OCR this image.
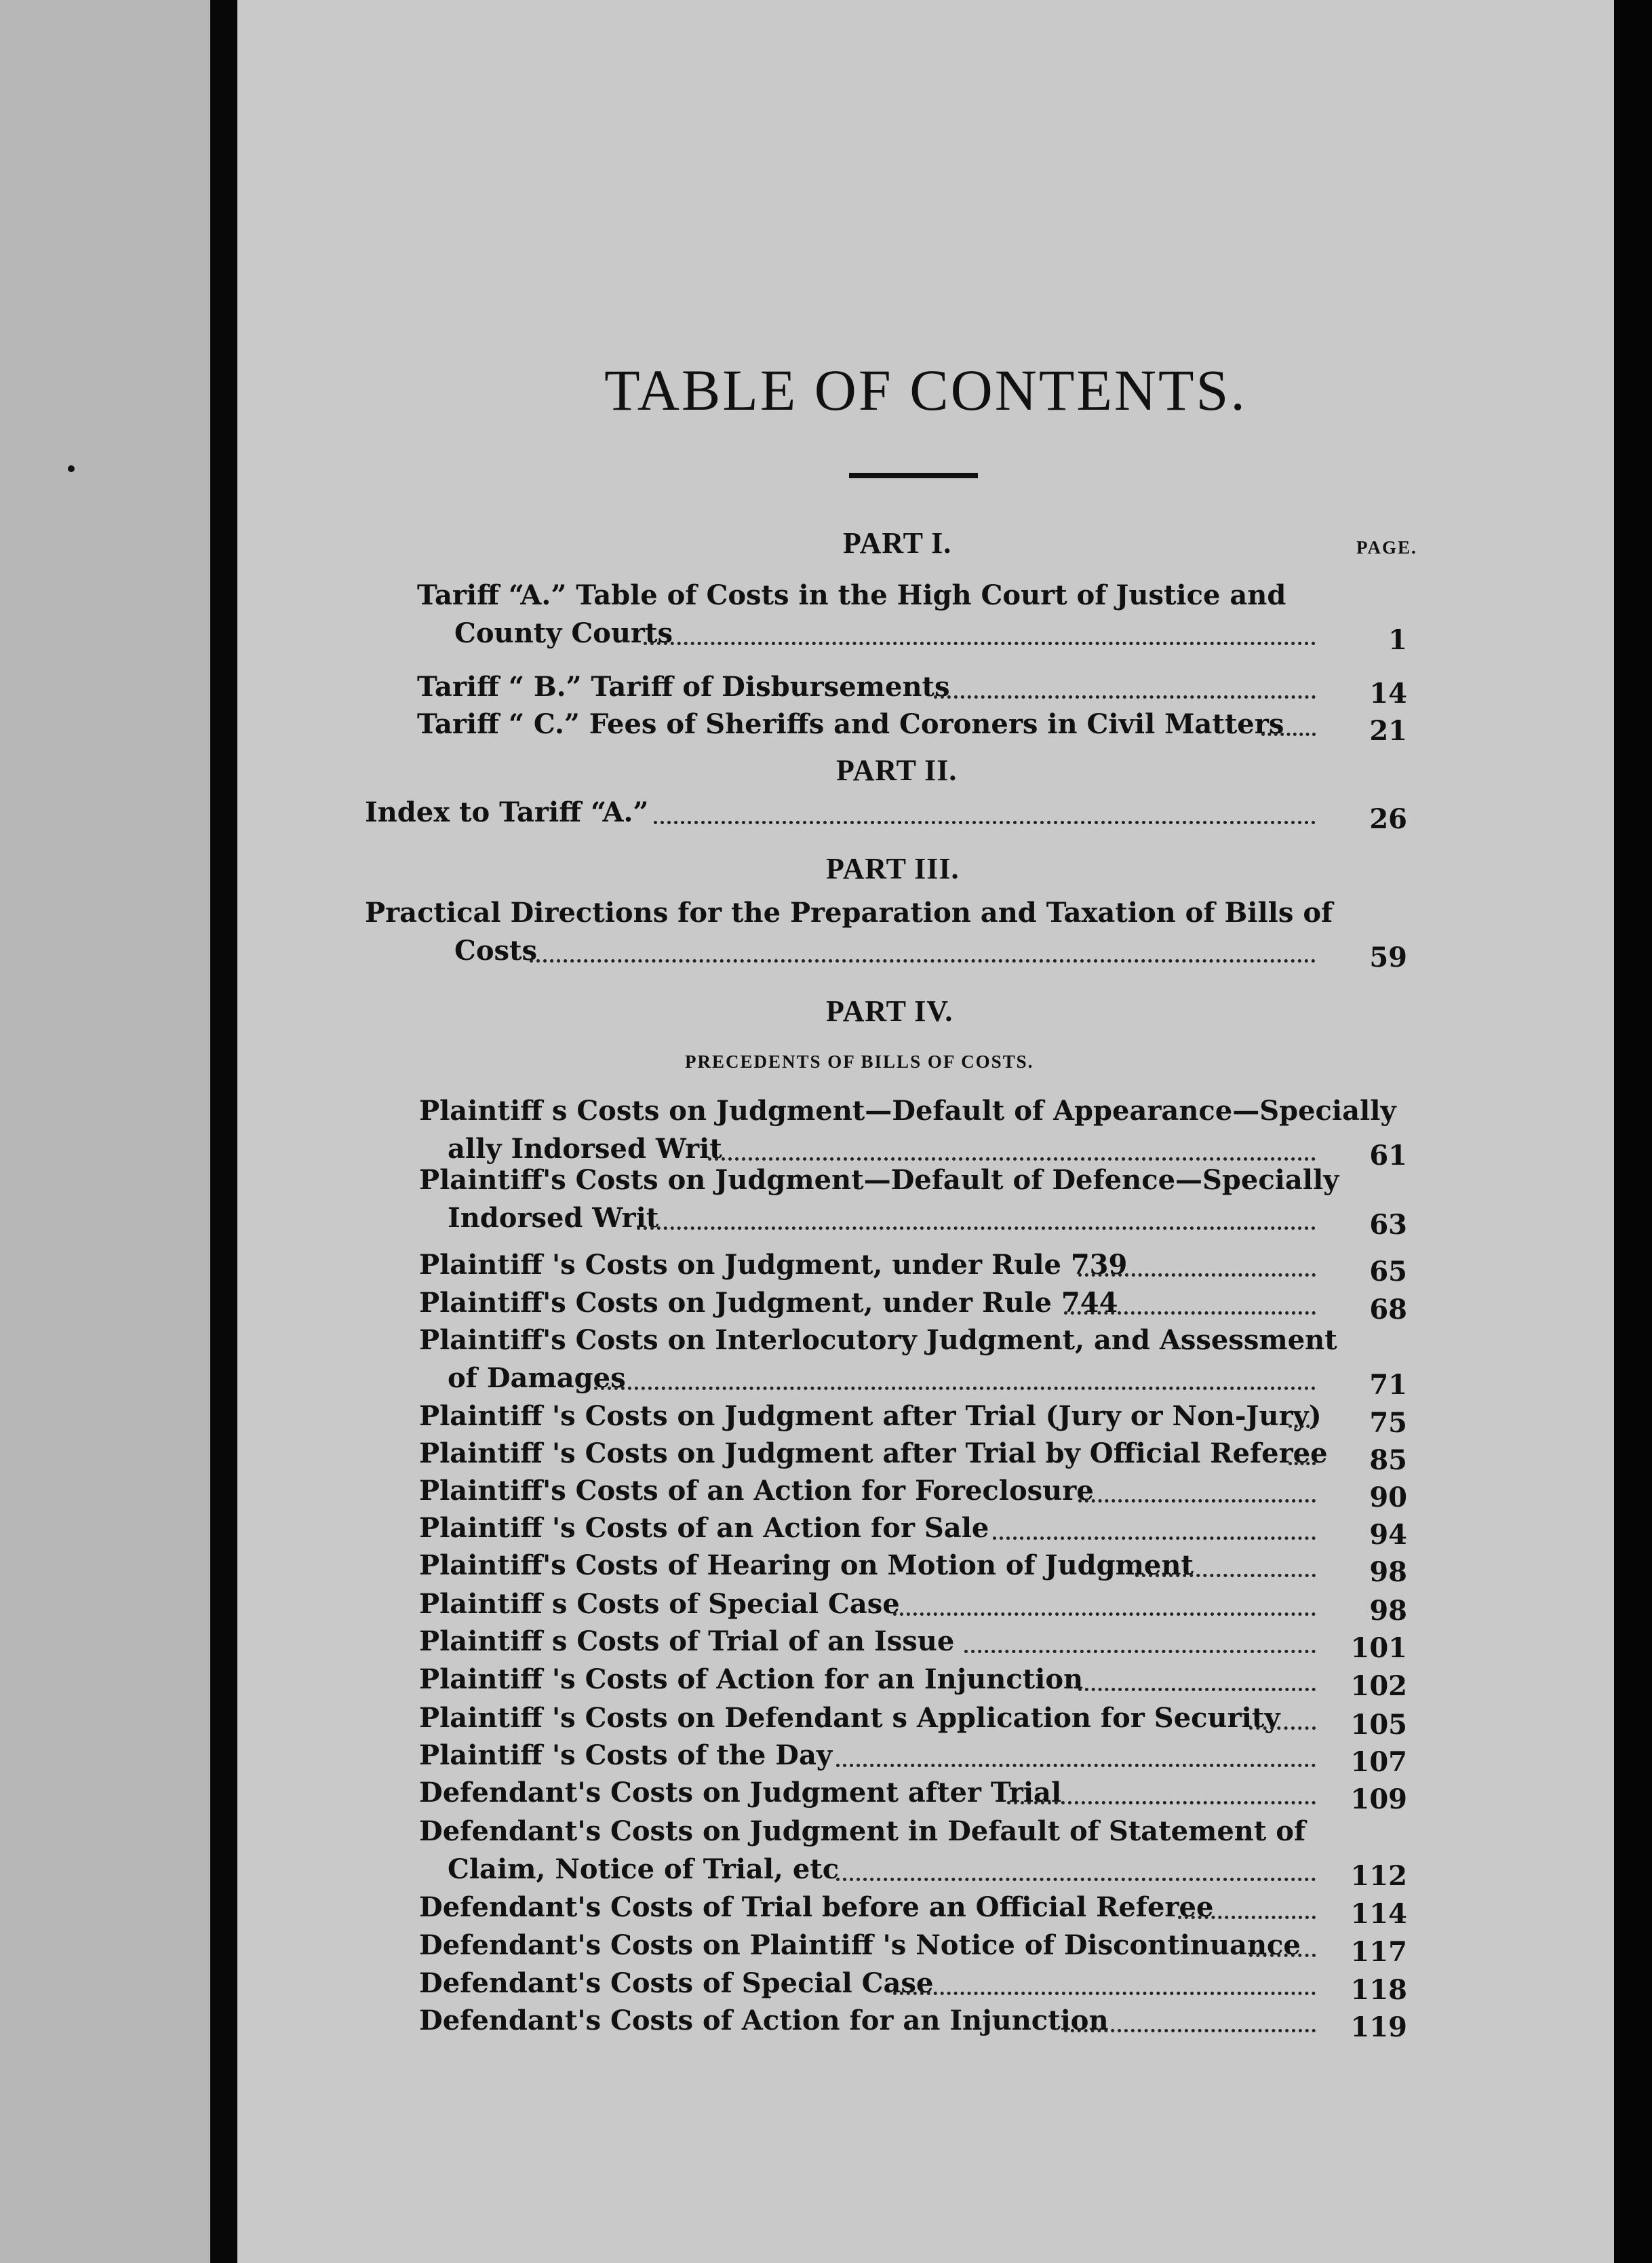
TABLE OF CONTENTS.
PAGE.
PART I.
PART II.
PART III.
PART IV.
PRECEDENTS OF BILLS OF COSTS.
Tariff “A.” Table of Costs in the High Court of Justice and
County Courts	1
Tariff “ B.” Tariff of Disbursements	14
Tariff “ C.” Fees of Sheriffs and Coroners in Civil Matters	21
Index to Tariff “A.”	26
Practical Directions for the Preparation and Taxation of Bills of
Costs	59
Plaintiff s Costs on Judgment—Default of Appearance—Specially
ally Indorsed Writ	61
Plaintiff's Costs on Judgment—Default of Defence—Specially
Indorsed Writ	63
Plaintiff 's Costs on Judgment, under Rule 739	65
Plaintiff's Costs on Judgment, under Rule 744	68
Plaintiff's Costs on Interlocutory Judgment, and Assessment
of Damages	71
Plaintiff 's Costs on Judgment after Trial (Jury or Non-Jury)	75
Plaintiff 's Costs on Judgment after Trial by Official Referee	85
Plaintiff's Costs of an Action for Foreclosure	90
Plaintiff 's Costs of an Action for Sale	94
Plaintiff's Costs of Hearing on Motion of Judgment	98
Plaintiff s Costs of Special Case	98
Plaintiff s Costs of Trial of an Issue	101
Plaintiff 's Costs of Action for an Injunction	102
Plaintiff 's Costs on Defendant s Application for Security	105
Plaintiff 's Costs of the Day	107
Defendant's Costs on Judgment after Trial	109
Defendant's Costs on Judgment in Default of Statement of
Claim, Notice of Trial, etc	112
Defendant's Costs of Trial before an Official Referee	114
Defendant's Costs on Plaintiff 's Notice of Discontinuance	117
Defendant's Costs of Special Case	118
Defendant's Costs of Action for an Injunction	119
